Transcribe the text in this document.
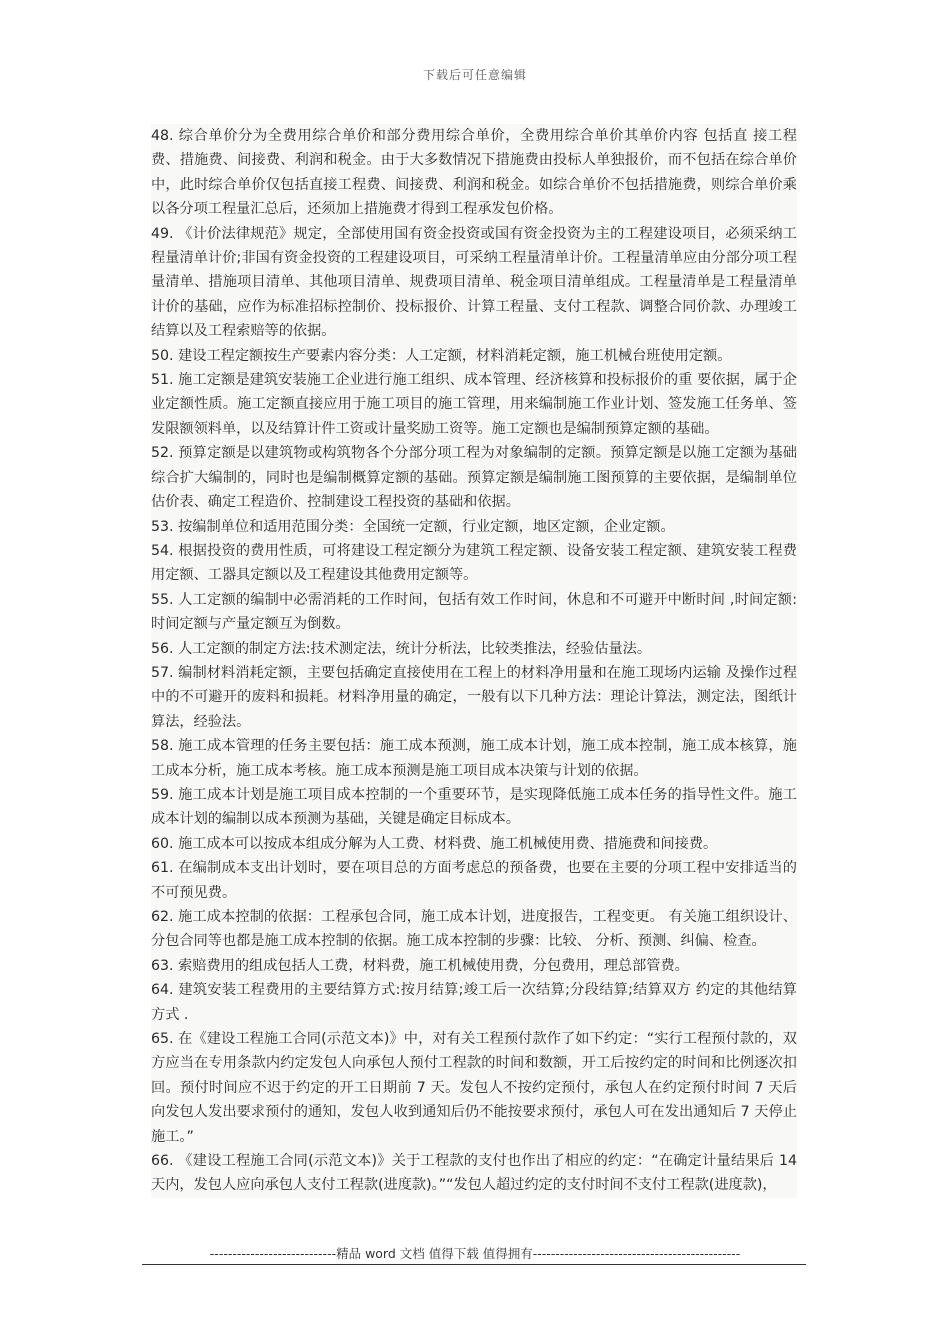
下载后可任意编辑

48. 综合单价分为全费用综合单价和部分费用综合单价，全费用综合单价其单价内容 包括直 接工程费、措施费、间接费、利润和税金。由于大多数情况下措施费由投标人单独报价，而不包括在综合单价中，此时综合单价仅包括直接工程费、间接费、利润和税金。如综合单价不包括措施费，则综合单价乘以各分项工程量汇总后，还须加上措施费才得到工程承发包价格。

49. 《计价法律规范》规定，全部使用国有资金投资或国有资金投资为主的工程建设项目，必须采纳工程量清单计价;非国有资金投资的工程建设项目，可采纳工程量清单计价。工程量清单应由分部分项工程量清单、措施项目清单、其他项目清单、规费项目清单、税金项目清单组成。工程量清单是工程量清单计价的基础，应作为标准招标控制价、投标报价、计算工程量、支付工程款、调整合同价款、办理竣工结算以及工程索赔等的依据。

50. 建设工程定额按生产要素内容分类：人工定额，材料消耗定额，施工机械台班使用定额。

51. 施工定额是建筑安装施工企业进行施工组织、成本管理、经济核算和投标报价的重 要依据，属于企业定额性质。施工定额直接应用于施工项目的施工管理，用来编制施工作业计划、签发施工任务单、签发限额领料单，以及结算计件工资或计量奖励工资等。施工定额也是编制预算定额的基础。

52. 预算定额是以建筑物或构筑物各个分部分项工程为对象编制的定额。预算定额是以施工定额为基础综合扩大编制的，同时也是编制概算定额的基础。预算定额是编制施工图预算的主要依据，是编制单位估价表、确定工程造价、控制建设工程投资的基础和依据。

53. 按编制单位和适用范围分类：全国统一定额，行业定额，地区定额，企业定额。

54. 根据投资的费用性质，可将建设工程定额分为建筑工程定额、设备安装工程定额、建筑安装工程费用定额、工器具定额以及工程建设其他费用定额等。

55. 人工定额的编制中必需消耗的工作时间，包括有效工作时间，休息和不可避开中断时间 ,时间定额:时间定额与产量定额互为倒数。

56. 人工定额的制定方法:技术测定法，统计分析法，比较类推法，经验估量法。

57. 编制材料消耗定额，主要包括确定直接使用在工程上的材料净用量和在施工现场内运输 及操作过程中的不可避开的废料和损耗。材料净用量的确定，一般有以下几种方法：理论计算法，测定法，图纸计算法，经验法。

58. 施工成本管理的任务主要包括：施工成本预测，施工成本计划，施工成本控制，施工成本核算，施工成本分析，施工成本考核。施工成本预测是施工项目成本决策与计划的依据。

59. 施工成本计划是施工项目成本控制的一个重要环节，是实现降低施工成本任务的指导性文件。施工成本计划的编制以成本预测为基础，关键是确定目标成本。

60. 施工成本可以按成本组成分解为人工费、材料费、施工机械使用费、措施费和间接费。

61. 在编制成本支出计划时，要在项目总的方面考虑总的预备费，也要在主要的分项工程中安排适当的不可预见费。

62. 施工成本控制的依据：工程承包合同，施工成本计划，进度报告，工程变更。 有关施工组织设计、分包合同等也都是施工成本控制的依据。施工成本控制的步骤：比较、 分析、预测、纠偏、检查。

63. 索赔费用的组成包括人工费，材料费，施工机械使用费，分包费用，理总部管费。

64. 建筑安装工程费用的主要结算方式:按月结算;竣工后一次结算;分段结算;结算双方 约定的其他结算方式 .

65. 在《建设工程施工合同(示范文本)》中，对有关工程预付款作了如下约定：“实行工程预付款的，双方应当在专用条款内约定发包人向承包人预付工程款的时间和数额，开工后按约定的时间和比例逐次扣回。预付时间应不迟于约定的开工日期前 7 天。发包人不按约定预付，承包人在约定预付时间 7 天后向发包人发出要求预付的通知，发包人收到通知后仍不能按要求预付，承包人可在发出通知后 7 天停止施工。”

66. 《建设工程施工合同(示范文本)》关于工程款的支付也作出了相应的约定：“在确定计量结果后 14 天内，发包人应向承包人支付工程款(进度款)。”“发包人超过约定的支付时间不支付工程款(进度款)，

----------------------------精品 word 文档 值得下载 值得拥有----------------------------------------------
